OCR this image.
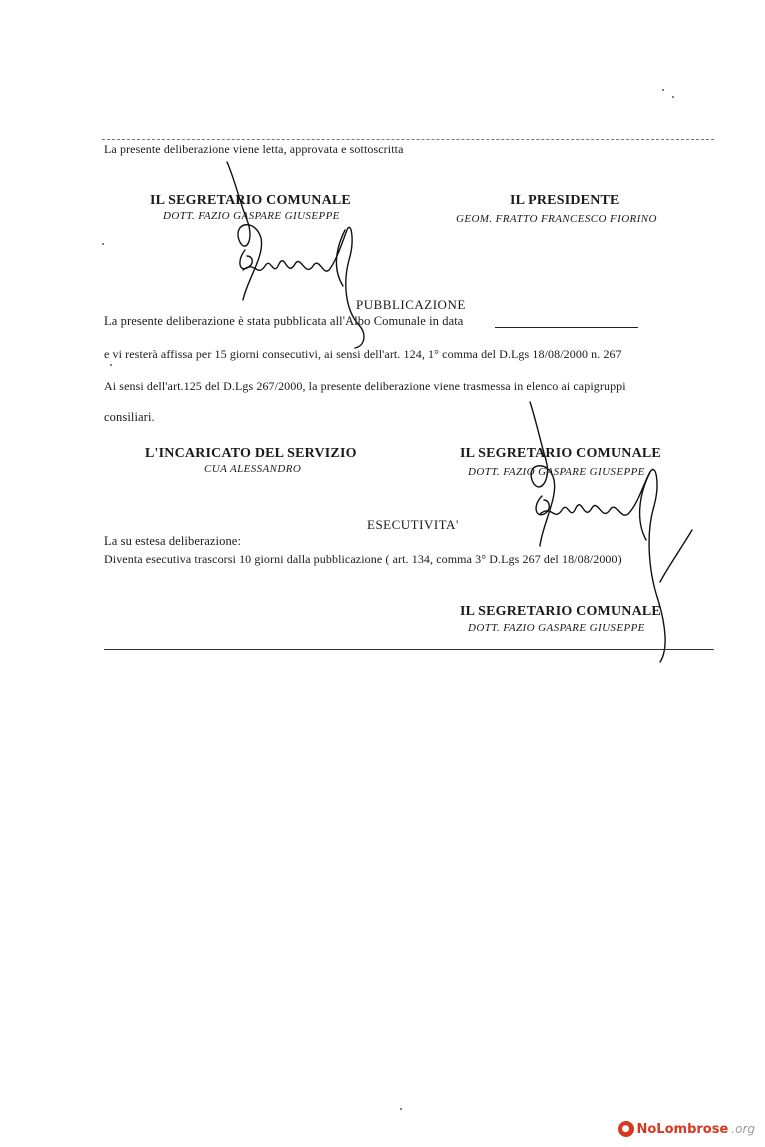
La presente deliberazione viene letta, approvata e sottoscritta
IL SEGRETARIO COMUNALE
DOTT. FAZIO GASPARE GIUSEPPE
IL PRESIDENTE
GEOM. FRATTO FRANCESCO FIORINO
PUBBLICAZIONE
La presente deliberazione è stata pubblicata all'Albo Comunale in data
e vi resterà affissa per 15 giorni consecutivi, ai sensi dell'art. 124, 1° comma del D.Lgs 18/08/2000 n. 267
Ai sensi dell'art.125 del D.Lgs 267/2000, la presente deliberazione viene trasmessa in elenco ai capigruppi
consiliari.
L'INCARICATO DEL SERVIZIO
CUA ALESSANDRO
IL SEGRETARIO COMUNALE
DOTT. FAZIO GASPARE GIUSEPPE
ESECUTIVITA'
La su estesa deliberazione:
Diventa esecutiva trascorsi 10 giorni dalla pubblicazione ( art. 134, comma 3° D.Lgs 267 del 18/08/2000)
IL SEGRETARIO COMUNALE
DOTT. FAZIO GASPARE GIUSEPPE
● NoLombrose .org
